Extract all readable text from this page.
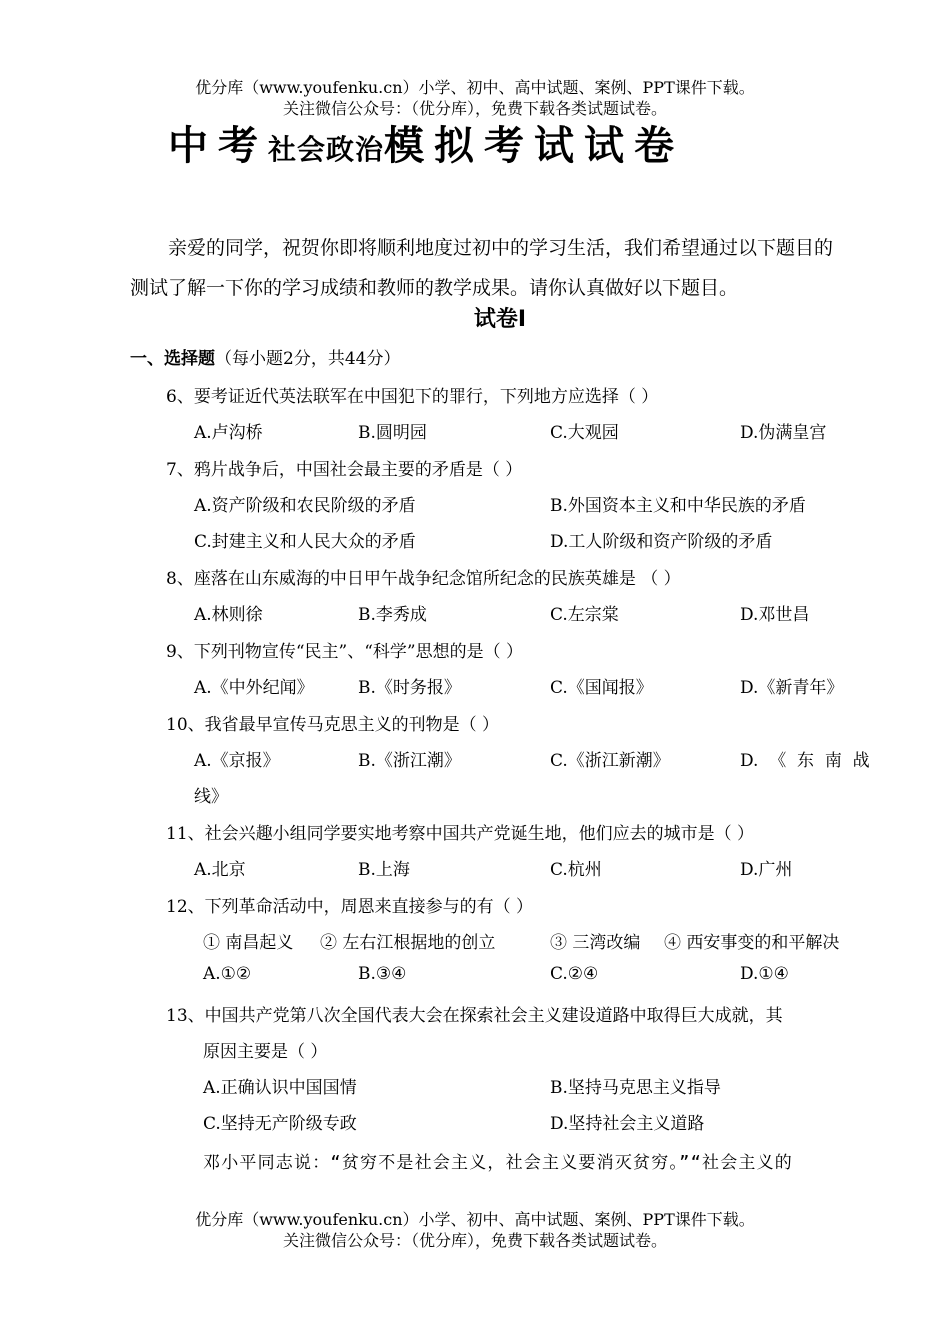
优分库（www.youfenku.cn）小学、初中、高中试题、案例、PPT课件下载。
关注微信公众号：（优分库），免费下载各类试题试卷。
中考社会政治模拟考试试卷

亲爱的同学，祝贺你即将顺利地度过初中的学习生活，我们希望通过以下题目的

测试了解一下你的学习成绩和教师的教学成果。请你认真做好以下题目。

试卷Ⅰ
一、选择题（每小题2分，共44分）
6、要考证近代英法联军在中国犯下的罪行，下列地方应选择（ ）
A.卢沟桥	B.圆明园	C.大观园	D.伪满皇宫
7、鸦片战争后，中国社会最主要的矛盾是（ ）
A.资产阶级和农民阶级的矛盾	B.外国资本主义和中华民族的矛盾
C.封建主义和人民大众的矛盾	D.工人阶级和资产阶级的矛盾
8、座落在山东威海的中日甲午战争纪念馆所纪念的民族英雄是 （ ）
A.林则徐	B.李秀成	C.左宗棠	D.邓世昌
9、下列刊物宣传“民主”、“科学”思想的是（ ）
A.《中外纪闻》	B.《时务报》	C.《国闻报》	D.《新青年》
10、我省最早宣传马克思主义的刊物是（ ）
A.《京报》	B.《浙江潮》	C.《浙江新潮》	D.  《  东  南  战
线》
11、社会兴趣小组同学要实地考察中国共产党诞生地，他们应去的城市是（ ）
A.北京	B.上海	C.杭州	D.广州
12、下列革命活动中，周恩来直接参与的有（ ）
① 南昌起义 ② 左右江根据地的创立	③ 三湾改编 ④ 西安事变的和平解决
A.①②	B.③④	C.②④	D.①④
13、中国共产党第八次全国代表大会在探索社会主义建设道路中取得巨大成就，其
原因主要是（ ）
A.正确认识中国国情	B.坚持马克思主义指导
C.坚持无产阶级专政	D.坚持社会主义道路
邓小平同志说：“贫穷不是社会主义，社会主义要消灭贫穷。”“社会主义的
优分库（www.youfenku.cn）小学、初中、高中试题、案例、PPT课件下载。
关注微信公众号：（优分库），免费下载各类试题试卷。
